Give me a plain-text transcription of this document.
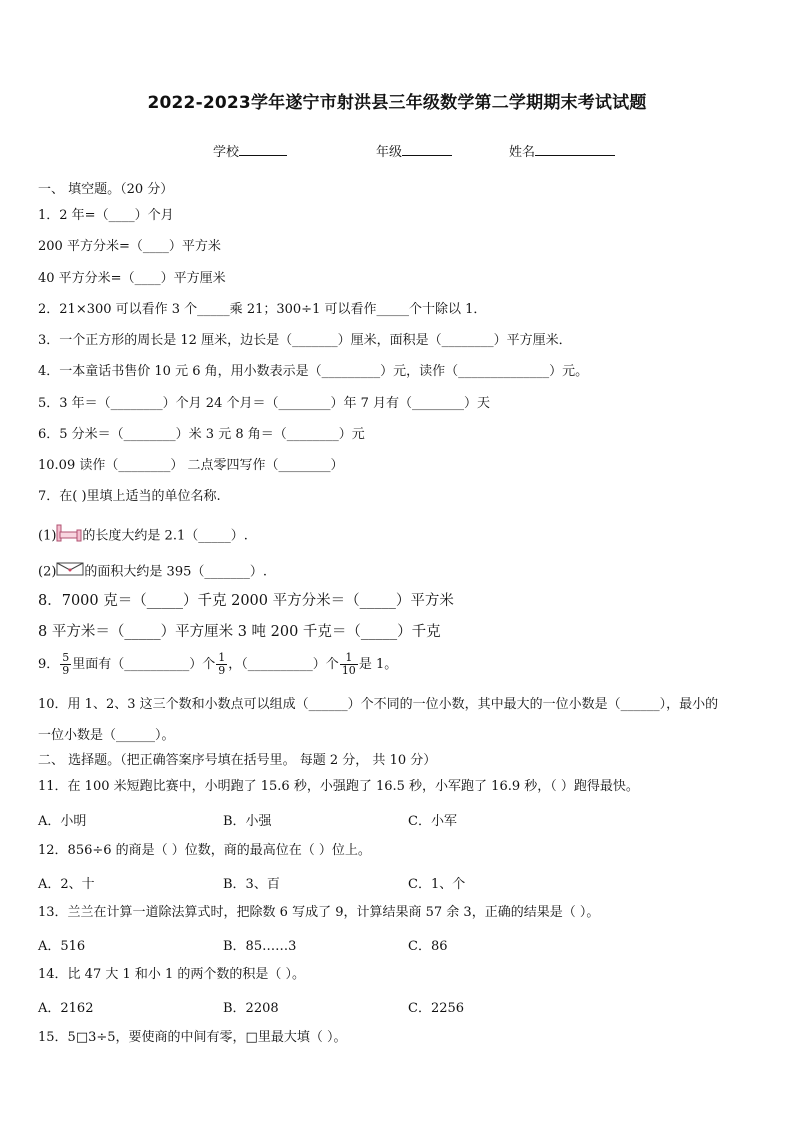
2022-2023学年遂宁市射洪县三年级数学第二学期期末考试试题
学校	年级	姓名
一、 填空题。（20 分）
1．2 年=（____）个月
200 平方分米=（____）平方米
40 平方分米=（____）平方厘米
2．21×300 可以看作 3 个_____乘 21；300÷1 可以看作_____个十除以 1．
3．一个正方形的周长是 12 厘米，边长是（_______）厘米，面积是（________）平方厘米．
4．一本童话书售价 10 元 6 角，用小数表示是（_________）元，读作（______________）元。
5．3 年＝（________）个月 24 个月＝（________）年 7 月有（________）天
6．5 分米＝（________）米 3 元 8 角＝（________）元
10.09 读作（________） 二点零四写作（________）
7．在( )里填上适当的单位名称.
(1) 的长度大约是 2.1（_____）.
(2) 的面积大约是 395（_______）.
8．7000 克＝（_____）千克 2000 平方分米＝（_____）平方米
8 平方米＝（_____）平方厘米 3 吨 200 千克＝（_____）千克
9． $\frac{5}{9}$ 里面有（__________）个 $\frac{1}{9}$ ，（__________）个 $\frac{1}{10}$ 是 1。
10．用 1、2、3 这三个数和小数点可以组成（______）个不同的一位小数，其中最大的一位小数是（______），最小的
一位小数是（______）。
二、 选择题。（把正确答案序号填在括号里。 每题 2 分， 共 10 分）
11．在 100 米短跑比赛中，小明跑了 15.6 秒，小强跑了 16.5 秒，小军跑了 16.9 秒，（ ）跑得最快。
A．小明	B．小强	C．小军
12．856÷6 的商是（ ）位数，商的最高位在（ ）位上。
A．2、十	B．3、百	C．1、个
13．兰兰在计算一道除法算式时，把除数 6 写成了 9，计算结果商 57 余 3，正确的结果是（ ）。
A．516	B．85……3	C．86
14．比 47 大 1 和小 1 的两个数的积是（ ）。
A．2162	B．2208	C．2256
15．5□3÷5，要使商的中间有零，□里最大填（ ）。
